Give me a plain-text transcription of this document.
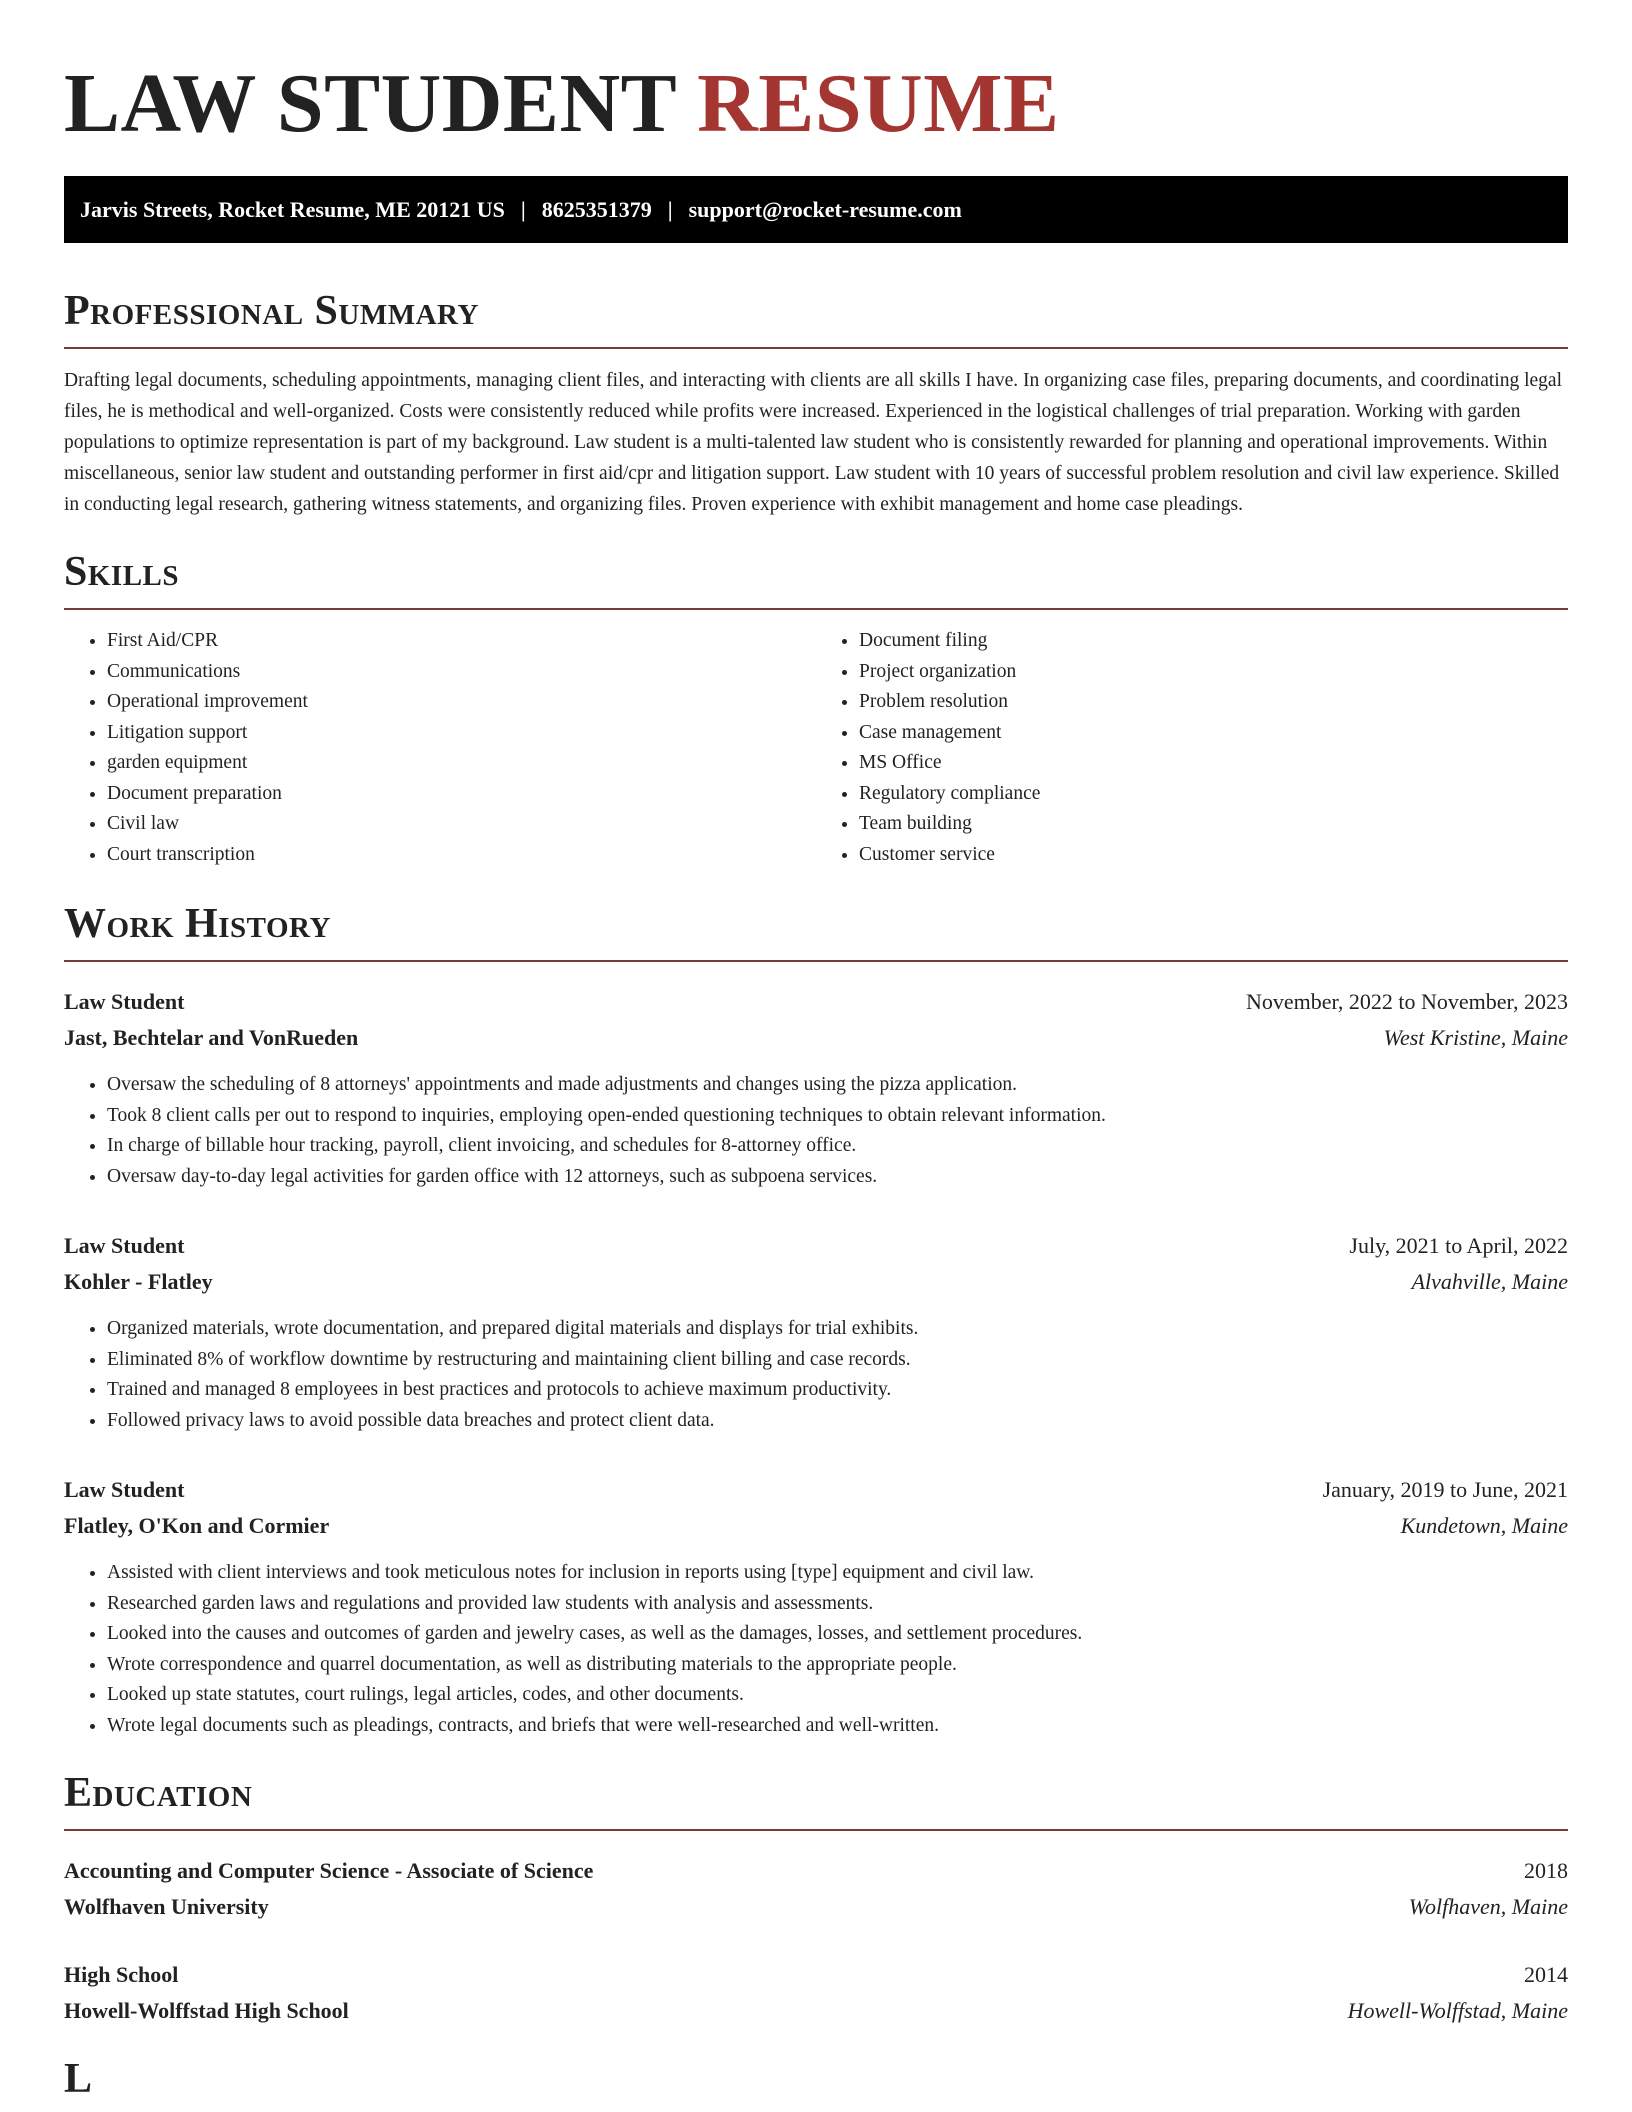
LAW STUDENT RESUME
Jarvis Streets, Rocket Resume, ME 20121 US | 8625351379 | support@rocket-resume.com
Professional Summary

Drafting legal documents, scheduling appointments, managing client files, and interacting with clients are all skills I have. In organizing case files, preparing documents, and coordinating legal files, he is methodical and well-organized. Costs were consistently reduced while profits were increased. Experienced in the logistical challenges of trial preparation. Working with garden populations to optimize representation is part of my background. Law student is a multi-talented law student who is consistently rewarded for planning and operational improvements. Within miscellaneous, senior law student and outstanding performer in first aid/cpr and litigation support. Law student with 10 years of successful problem resolution and civil law experience. Skilled in conducting legal research, gathering witness statements, and organizing files. Proven experience with exhibit management and home case pleadings.

Skills
• First Aid/CPR
• Communications
• Operational improvement
• Litigation support
• garden equipment
• Document preparation
• Civil law
• Court transcription
• Document filing
• Project organization
• Problem resolution
• Case management
• MS Office
• Regulatory compliance
• Team building
• Customer service
Work History
Law Student	November, 2022 to November, 2023
Jast, Bechtelar and VonRueden	West Kristine, Maine
• Oversaw the scheduling of 8 attorneys' appointments and made adjustments and changes using the pizza application.
• Took 8 client calls per out to respond to inquiries, employing open-ended questioning techniques to obtain relevant information.
• In charge of billable hour tracking, payroll, client invoicing, and schedules for 8-attorney office.
• Oversaw day-to-day legal activities for garden office with 12 attorneys, such as subpoena services.
Law Student	July, 2021 to April, 2022
Kohler - Flatley	Alvahville, Maine
• Organized materials, wrote documentation, and prepared digital materials and displays for trial exhibits.
• Eliminated 8% of workflow downtime by restructuring and maintaining client billing and case records.
• Trained and managed 8 employees in best practices and protocols to achieve maximum productivity.
• Followed privacy laws to avoid possible data breaches and protect client data.
Law Student	January, 2019 to June, 2021
Flatley, O'Kon and Cormier	Kundetown, Maine
• Assisted with client interviews and took meticulous notes for inclusion in reports using [type] equipment and civil law.
• Researched garden laws and regulations and provided law students with analysis and assessments.
• Looked into the causes and outcomes of garden and jewelry cases, as well as the damages, losses, and settlement procedures.
• Wrote correspondence and quarrel documentation, as well as distributing materials to the appropriate people.
• Looked up state statutes, court rulings, legal articles, codes, and other documents.
• Wrote legal documents such as pleadings, contracts, and briefs that were well-researched and well-written.
Education
Accounting and Computer Science - Associate of Science	2018
Wolfhaven University	Wolfhaven, Maine
High School	2014
Howell-Wolffstad High School	Howell-Wolffstad, Maine
L
